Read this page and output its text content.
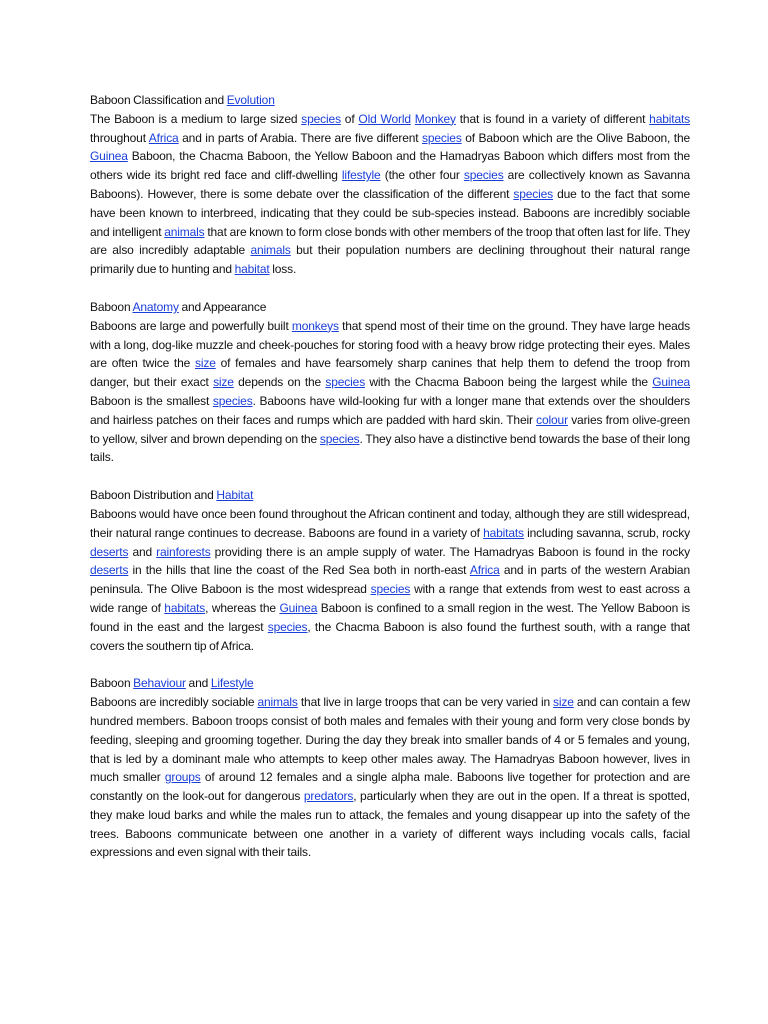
Baboon Classification and Evolution

The Baboon is a medium to large sized species of Old World Monkey that is found in a variety of different habitats throughout Africa and in parts of Arabia. There are five different species of Baboon which are the Olive Baboon, the Guinea Baboon, the Chacma Baboon, the Yellow Baboon and the Hamadryas Baboon which differs most from the others wide its bright red face and cliff-dwelling lifestyle (the other four species are collectively known as Savanna Baboons). However, there is some debate over the classification of the different species due to the fact that some have been known to interbreed, indicating that they could be sub-species instead. Baboons are incredibly sociable and intelligent animals that are known to form close bonds with other members of the troop that often last for life. They are also incredibly adaptable animals but their population numbers are declining throughout their natural range primarily due to hunting and habitat loss.

Baboon Anatomy and Appearance

Baboons are large and powerfully built monkeys that spend most of their time on the ground. They have large heads with a long, dog-like muzzle and cheek-pouches for storing food with a heavy brow ridge protecting their eyes. Males are often twice the size of females and have fearsomely sharp canines that help them to defend the troop from danger, but their exact size depends on the species with the Chacma Baboon being the largest while the Guinea Baboon is the smallest species. Baboons have wild-looking fur with a longer mane that extends over the shoulders and hairless patches on their faces and rumps which are padded with hard skin. Their colour varies from olive-green to yellow, silver and brown depending on the species. They also have a distinctive bend towards the base of their long tails.

Baboon Distribution and Habitat

Baboons would have once been found throughout the African continent and today, although they are still widespread, their natural range continues to decrease. Baboons are found in a variety of habitats including savanna, scrub, rocky deserts and rainforests providing there is an ample supply of water. The Hamadryas Baboon is found in the rocky deserts in the hills that line the coast of the Red Sea both in north-east Africa and in parts of the western Arabian peninsula. The Olive Baboon is the most widespread species with a range that extends from west to east across a wide range of habitats, whereas the Guinea Baboon is confined to a small region in the west. The Yellow Baboon is found in the east and the largest species, the Chacma Baboon is also found the furthest south, with a range that covers the southern tip of Africa.

Baboon Behaviour and Lifestyle

Baboons are incredibly sociable animals that live in large troops that can be very varied in size and can contain a few hundred members. Baboon troops consist of both males and females with their young and form very close bonds by feeding, sleeping and grooming together. During the day they break into smaller bands of 4 or 5 females and young, that is led by a dominant male who attempts to keep other males away. The Hamadryas Baboon however, lives in much smaller groups of around 12 females and a single alpha male. Baboons live together for protection and are constantly on the look-out for dangerous predators, particularly when they are out in the open. If a threat is spotted, they make loud barks and while the males run to attack, the females and young disappear up into the safety of the trees. Baboons communicate between one another in a variety of different ways including vocals calls, facial expressions and even signal with their tails.
